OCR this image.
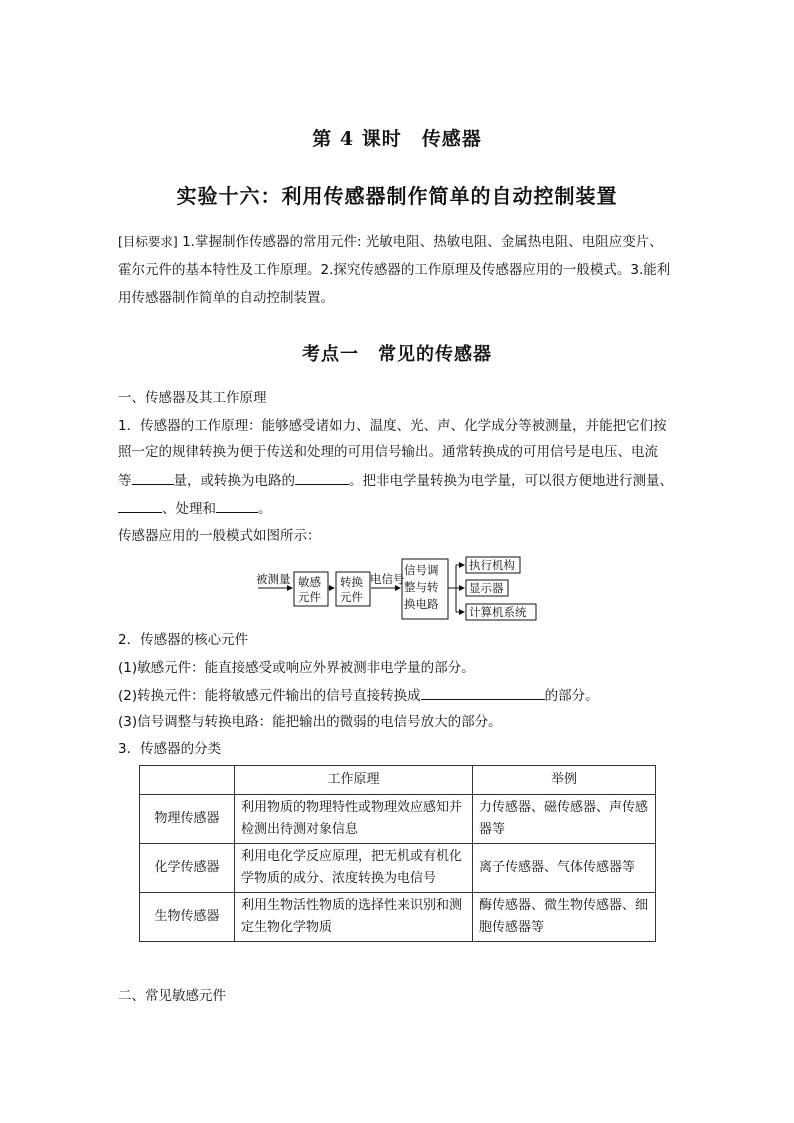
第 4 课时　传感器
实验十六：利用传感器制作简单的自动控制装置
[目标要求] 1.掌握制作传感器的常用元件: 光敏电阻、热敏电阻、金属热电阻、电阻应变片、
霍尔元件的基本特性及工作原理。2.探究传感器的工作原理及传感器应用的一般模式。3.能利
用传感器制作简单的自动控制装置。
考点一　常见的传感器
一、传感器及其工作原理
1．传感器的工作原理：能够感受诸如力、温度、光、声、化学成分等被测量，并能把它们按
照一定的规律转换为便于传送和处理的可用信号输出。通常转换成的可用信号是电压、电流
等	量，或转换为电路的	。把非电学量转换为电学量，可以很方便地进行测量、
、处理和	。
传感器应用的一般模式如图所示：
被测量 敏感
元件
转换
元件
电信号
信号调
整与转
换电路
执行机构
显示器
计算机系统
2．传感器的核心元件
(1)敏感元件：能直接感受或响应外界被测非电学量的部分。
(2)转换元件：能将敏感元件输出的信号直接转换成	的部分。
(3)信号调整与转换电路：能把输出的微弱的电信号放大的部分。
3．传感器的分类
	工作原理	举例
物理传感器	利用物质的物理特性或物理效应感知并检测出待测对象信息	力传感器、磁传感器、声传感器等
化学传感器	利用电化学反应原理，把无机或有机化学物质的成分、浓度转换为电信号	离子传感器、气体传感器等
生物传感器	利用生物活性物质的选择性来识别和测定生物化学物质	酶传感器、微生物传感器、细胞传感器等
二、常见敏感元件
